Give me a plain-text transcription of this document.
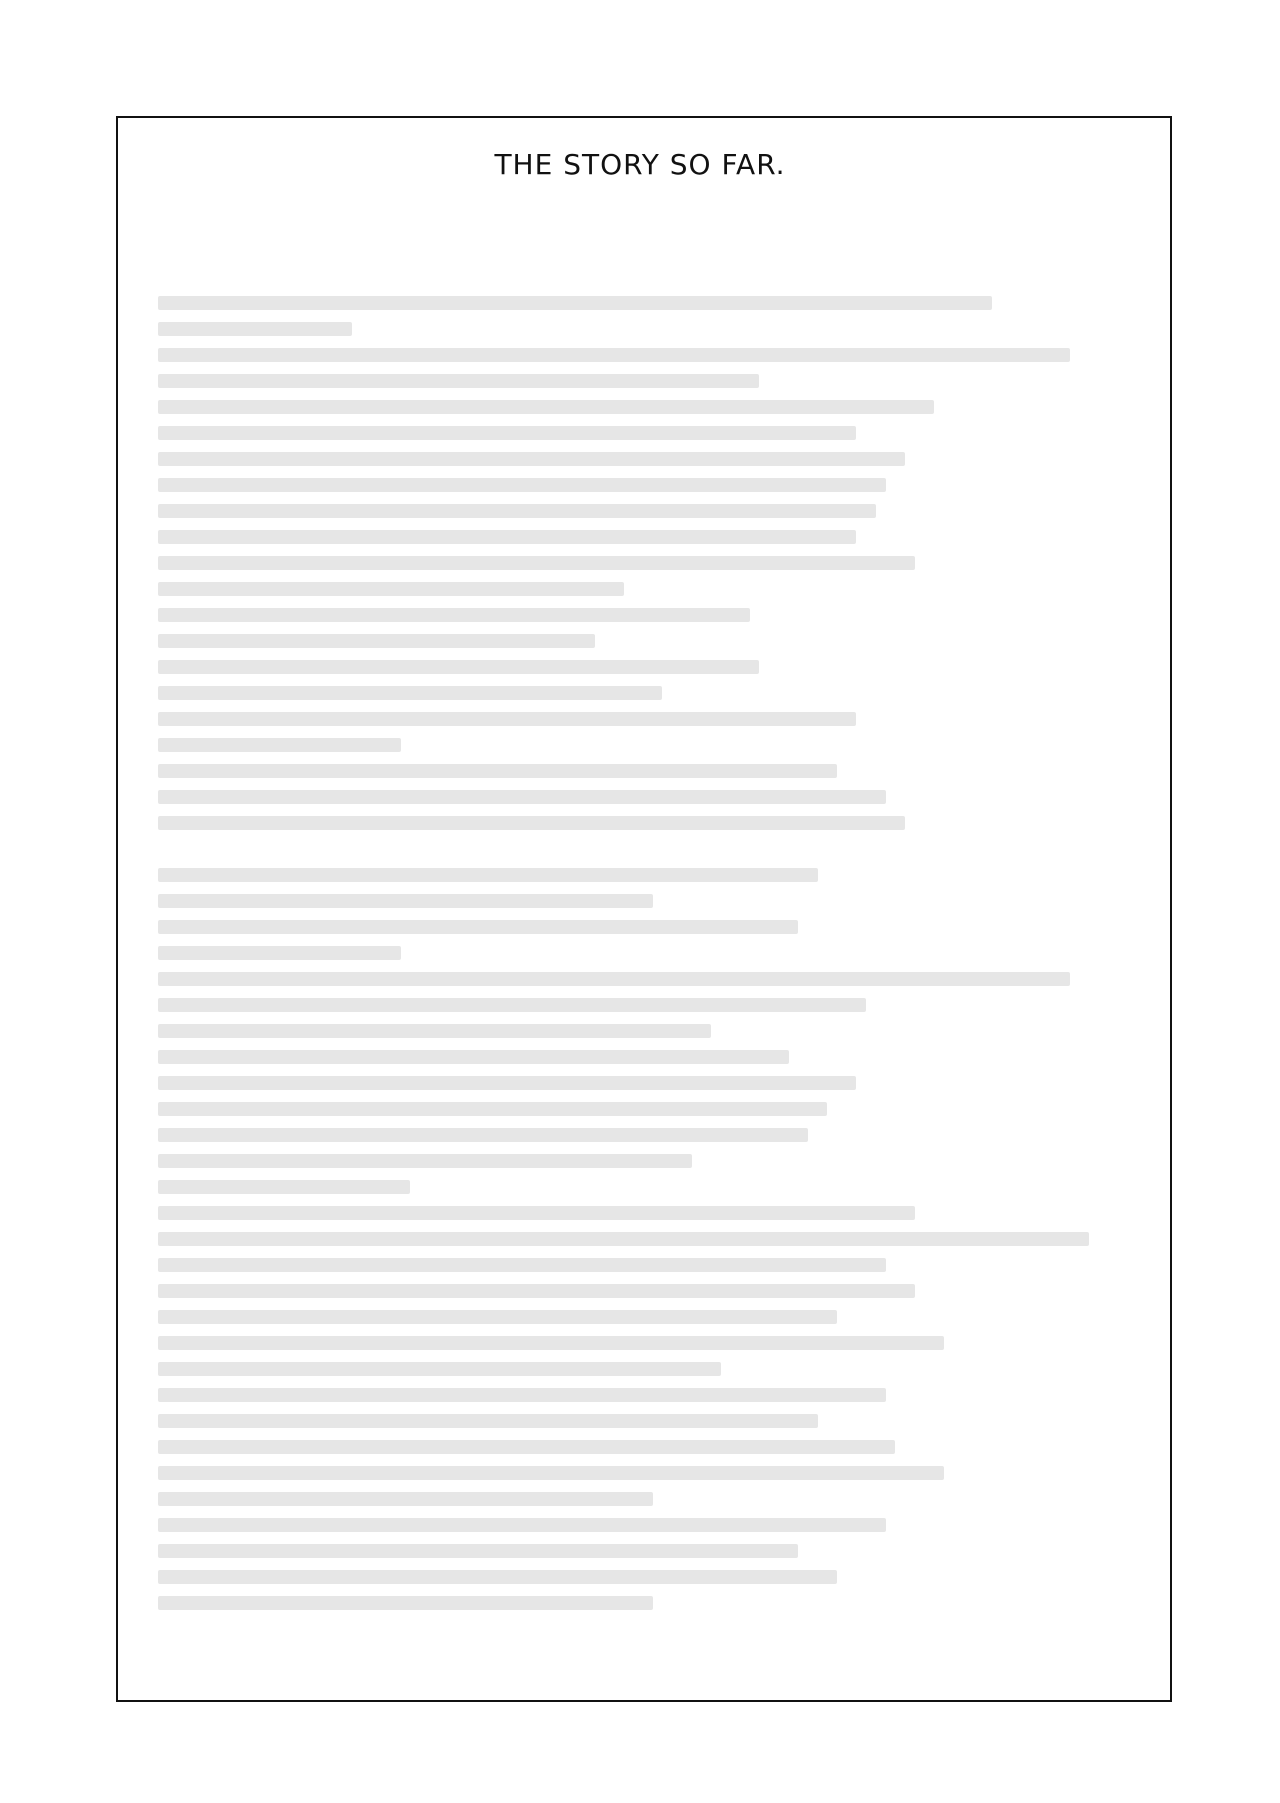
THE STORY SO FAR.
